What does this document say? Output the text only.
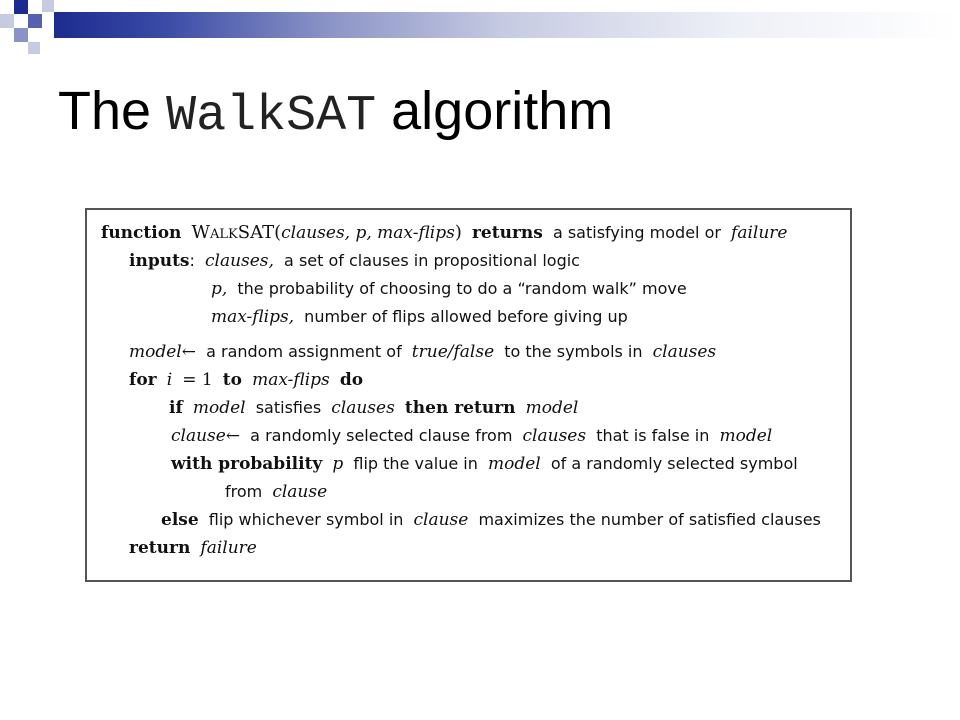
The WalkSAT algorithm
function WALKSAT(clauses, p, max-flips) returns a satisfying model or failure
inputs: clauses, a set of clauses in propositional logic
p, the probability of choosing to do a “random walk” move
max-flips, number of flips allowed before giving up
model← a random assignment of true/false to the symbols in clauses
for i = 1 to max-flips do
if model satisfies clauses then return model
clause← a randomly selected clause from clauses that is false in model
with probability p flip the value in model of a randomly selected symbol
from clause
else flip whichever symbol in clause maximizes the number of satisfied clauses
return failure
